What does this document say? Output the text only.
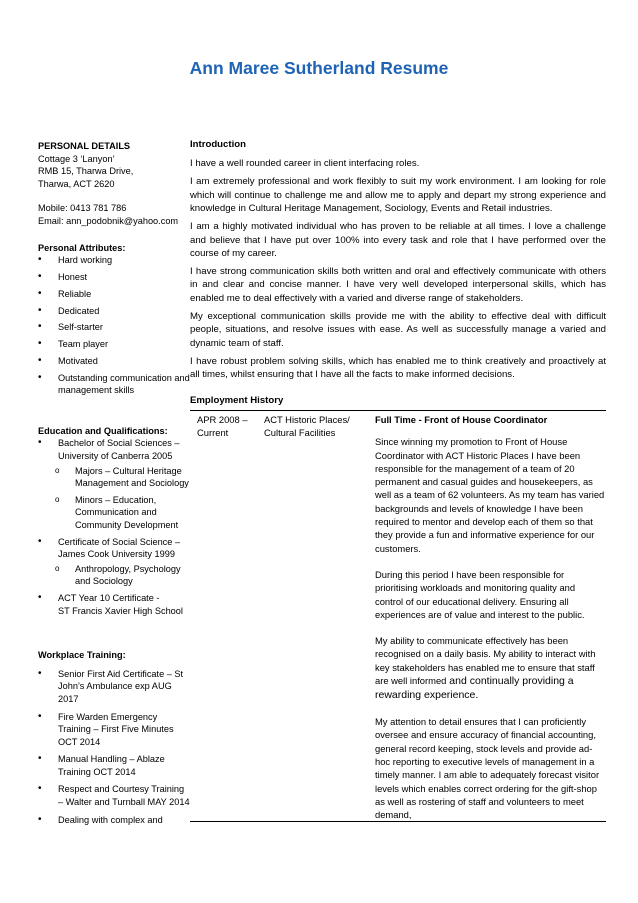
Ann Maree Sutherland Resume

PERSONAL DETAILS

Cottage 3 ‘Lanyon’

RMB 15, Tharwa Drive,

Tharwa, ACT 2620

Mobile: 0413 781 786

Email: ann_podobnik@yahoo.com

Personal Attributes:

• Hard working
• Honest
• Reliable
• Dedicated
• Self-starter
• Team player
• Motivated
• Outstanding communication and management skills

Education and Qualifications:

• Bachelor of Social Sciences – University of Canberra 2005
o Majors – Cultural Heritage Management and Sociology
o Minors – Education, Communication and Community Development
• Certificate of Social Science – James Cook University 1999
o Anthropology, Psychology and Sociology
• ACT Year 10 Certificate -
ST Francis Xavier High School

Workplace Training:

• Senior First Aid Certificate – St John’s Ambulance exp AUG 2017
• Fire Warden Emergency Training – First Five Minutes OCT 2014
• Manual Handling – Ablaze Training OCT 2014
• Respect and Courtesy Training – Walter and Turnball MAY 2014
• Dealing with complex and

Introduction

I have a well rounded career in client interfacing roles.

I am extremely professional and work flexibly to suit my work environment. I am looking for role which will continue to challenge me and allow me to apply and depart my strong experience and knowledge in Cultural Heritage Management, Sociology, Events and Retail industries.

I am a highly motivated individual who has proven to be reliable at all times. I love a challenge and believe that I have put over 100% into every task and role that I have performed over the course of my career.

I have strong communication skills both written and oral and effectively communicate with others in and clear and concise manner. I have very well developed interpersonal skills, which has enabled me to deal effectively with a varied and diverse range of stakeholders.

My exceptional communication skills provide me with the ability to effective deal with difficult people, situations, and resolve issues with ease. As well as successfully manage a varied and dynamic team of staff.

I have robust problem solving skills, which has enabled me to think creatively and proactively at all times, whilst ensuring that I have all the facts to make informed decisions.

Employment History
APR 2008 – Current
ACT Historic Places/ Cultural Facilities

Full Time - Front of House Coordinator

Since winning my promotion to Front of House Coordinator with ACT Historic Places I have been responsible for the management of a team of 20 permanent and casual guides and housekeepers, as well as a team of 62 volunteers. As my team has varied backgrounds and levels of knowledge I have been required to mentor and develop each of them so that they provide a fun and informative experience for our customers.

During this period I have been responsible for prioritising workloads and monitoring quality and control of our educational delivery. Ensuring all experiences are of value and interest to the public.

My ability to communicate effectively has been recognised on a daily basis. My ability to interact with key stakeholders has enabled me to ensure that staff are well informed and continually providing a rewarding experience.

My attention to detail ensures that I can proficiently oversee and ensure accuracy of financial accounting, general record keeping, stock levels and provide ad-hoc reporting to executive levels of management in a timely manner. I am able to adequately forecast visitor levels which enables correct ordering for the gift-shop as well as rostering of staff and volunteers to meet demand,
